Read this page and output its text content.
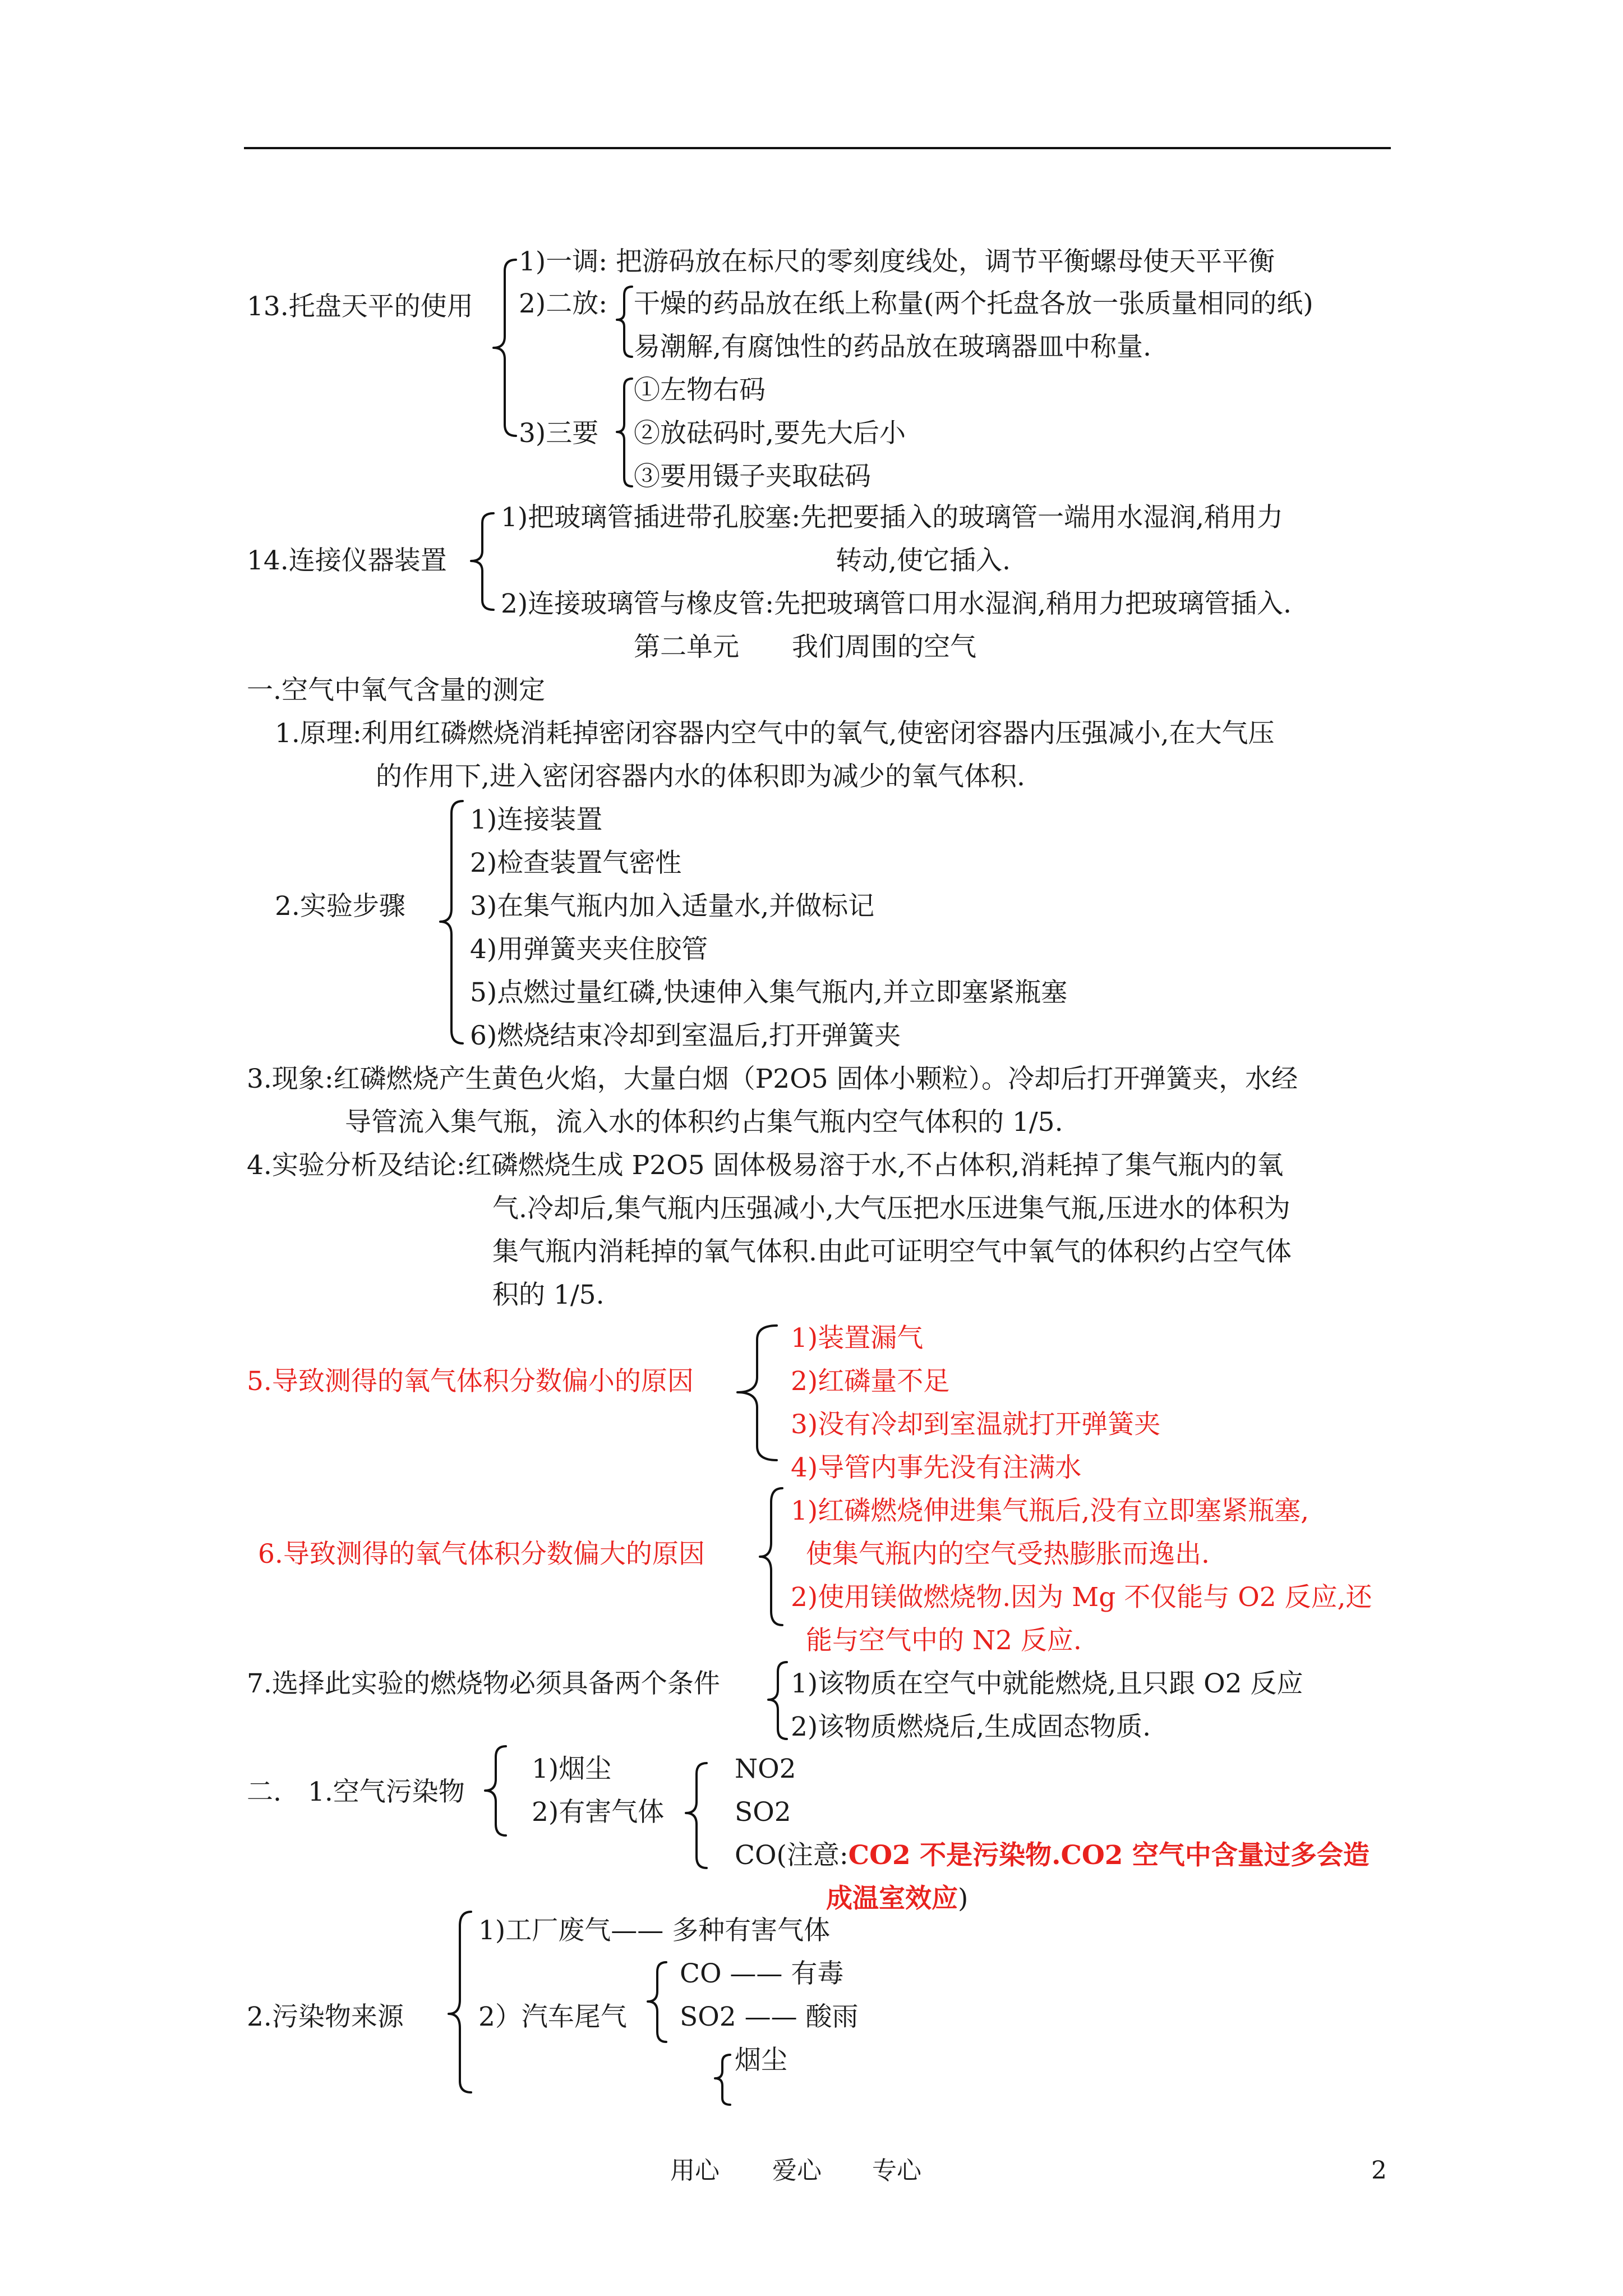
13.托盘天平的使用
1)一调: 把游码放在标尺的零刻度线处，调节平衡螺母使天平平衡
2)二放: 干燥的药品放在纸上称量(两个托盘各放一张质量相同的纸)
易潮解,有腐蚀性的药品放在玻璃器皿中称量.
3)三要
①左物右码
②放砝码时,要先大后小
③要用镊子夹取砝码
14.连接仪器装置
1)把玻璃管插进带孔胶塞:先把要插入的玻璃管一端用水湿润,稍用力
转动,使它插入.
2)连接玻璃管与橡皮管:先把玻璃管口用水湿润,稍用力把玻璃管插入.
第二单元　　我们周围的空气
一.空气中氧气含量的测定
1.原理:利用红磷燃烧消耗掉密闭容器内空气中的氧气,使密闭容器内压强减小,在大气压
的作用下,进入密闭容器内水的体积即为减少的氧气体积.
2.实验步骤
1)连接装置
2)检查装置气密性
3)在集气瓶内加入适量水,并做标记
4)用弹簧夹夹住胶管
5)点燃过量红磷,快速伸入集气瓶内,并立即塞紧瓶塞
6)燃烧结束冷却到室温后,打开弹簧夹
3.现象:红磷燃烧产生黄色火焰，大量白烟（P2O5 固体小颗粒）。冷却后打开弹簧夹，水经
导管流入集气瓶，流入水的体积约占集气瓶内空气体积的 1/5.
4.实验分析及结论:红磷燃烧生成 P2O5 固体极易溶于水,不占体积,消耗掉了集气瓶内的氧
气.冷却后,集气瓶内压强减小,大气压把水压进集气瓶,压进水的体积为
集气瓶内消耗掉的氧气体积.由此可证明空气中氧气的体积约占空气体
积的 1/5.
5.导致测得的氧气体积分数偏小的原因
1)装置漏气
2)红磷量不足
3)没有冷却到室温就打开弹簧夹
4)导管内事先没有注满水
6.导致测得的氧气体积分数偏大的原因
1)红磷燃烧伸进集气瓶后,没有立即塞紧瓶塞,
使集气瓶内的空气受热膨胀而逸出.
2)使用镁做燃烧物.因为 Mg 不仅能与 O2 反应,还
能与空气中的 N2 反应.
7.选择此实验的燃烧物必须具备两个条件	1)该物质在空气中就能燃烧,且只跟 O2 反应
2)该物质燃烧后,生成固态物质.
二.　1.空气污染物
1)烟尘
2)有害气体
NO2
SO2
CO(注意:CO2 不是污染物.CO2 空气中含量过多会造
成温室效应)
2.污染物来源
1)工厂废气—— 多种有害气体
2）汽车尾气
CO —— 有毒
SO2 —— 酸雨
烟尘
用心 爱心 专心	2
